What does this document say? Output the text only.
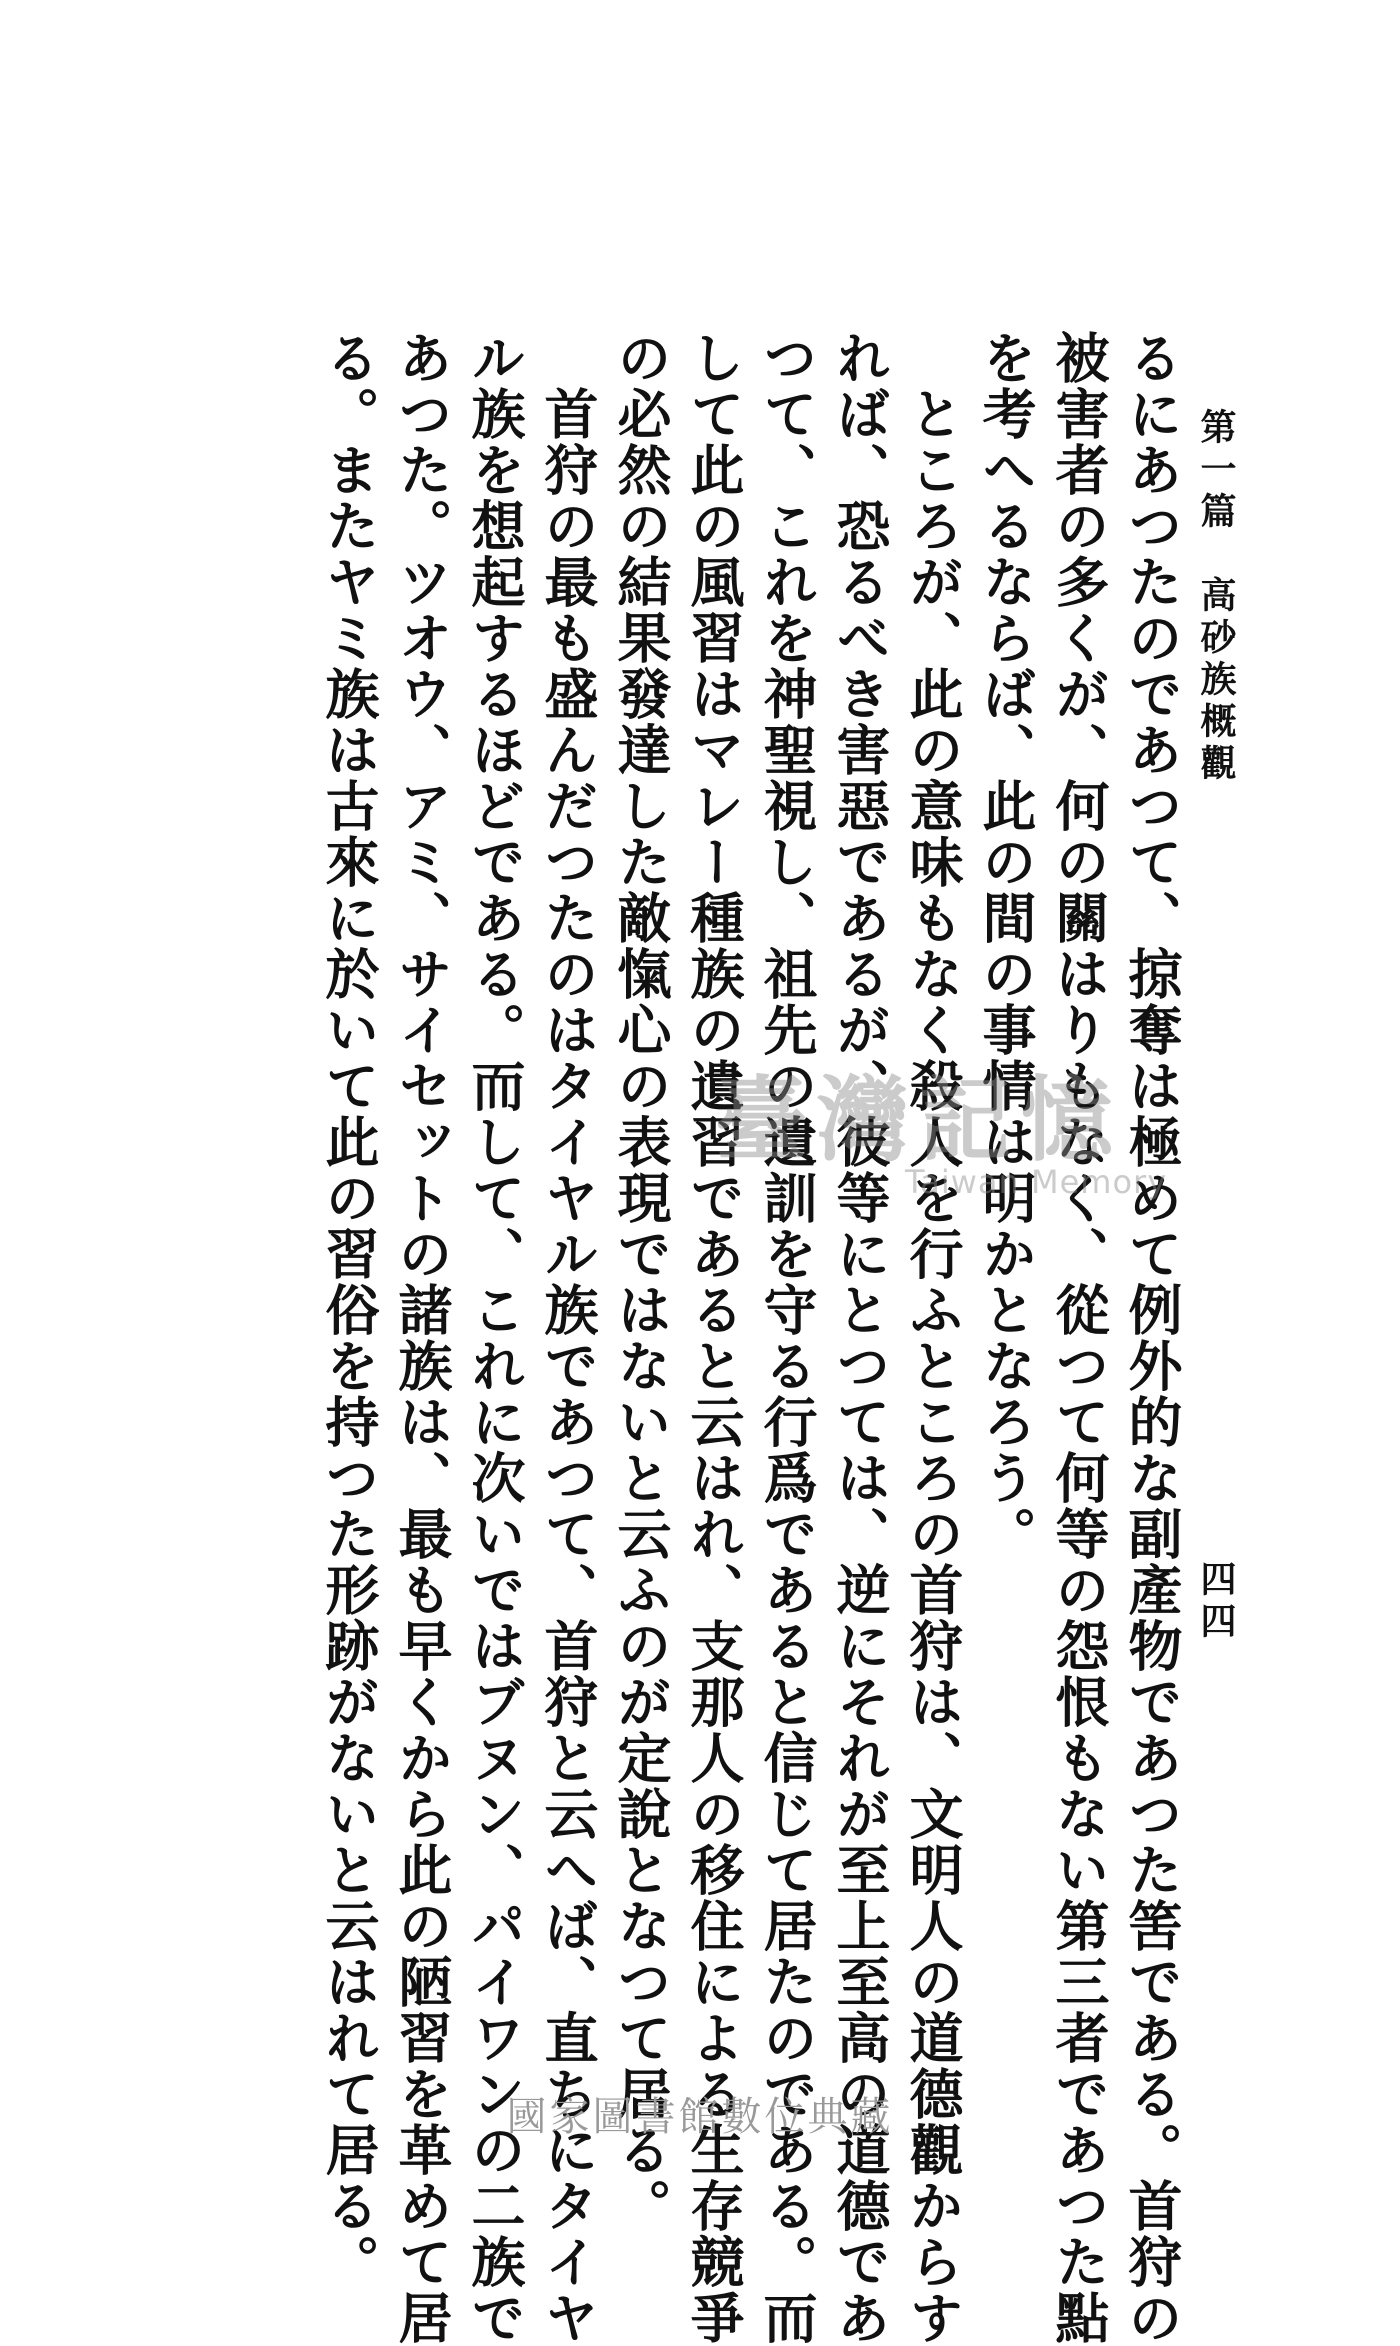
第一篇　高砂族概觀
四四
るにあつたのであつて、掠奪は極めて例外的な副產物であつた筈である。首狩の
被害者の多くが、何の關はりもなく、從つて何等の怨恨もない第三者であつた點
を考へるならば、此の間の事情は明かとなろう。
　ところが、此の意味もなく殺人を行ふところの首狩は、文明人の道德觀からす
れば、恐るべき害惡であるが、彼等にとつては、逆にそれが至上至高の道德であ
つて、これを神聖視し、祖先の遺訓を守る行爲であると信じて居たのである。而
して此の風習はマレー種族の遺習であると云はれ、支那人の移住による生存競爭
の必然の結果發達した敵愾心の表現ではないと云ふのが定說となつて居る。
　首狩の最も盛んだつたのはタイヤル族であつて、首狩と云へば、直ちにタイヤ
ル族を想起するほどである。而して、これに次いではブヌン、パイワンの二族で
あつた。ツオウ、アミ、サイセットの諸族は、最も早くから此の陋習を革めて居
る。またヤミ族は古來に於いて此の習俗を持つた形跡がないと云はれて居る。	臺灣記憶
Taiwan Memory
國家圖書館數位典藏
